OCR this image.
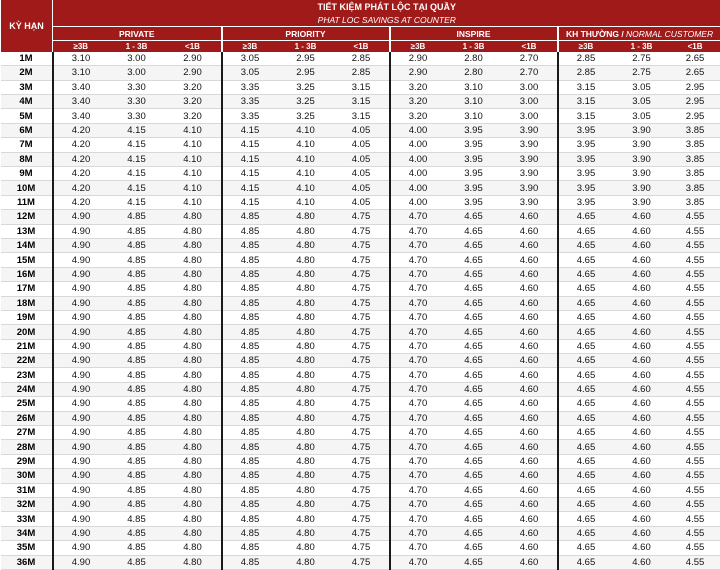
KỲ HẠN	TIẾT KIỆM PHÁT LỘC TẠI QUẦY											
	PHAT LOC SAVINGS AT COUNTER											
	PRIVATE			PRIORITY			INSPIRE			KH THƯỜNG / NORMAL CUSTOMER		
	≥3B	1 - 3B	<1B	≥3B	1 - 3B	<1B	≥3B	1 - 3B	<1B	≥3B	1 - 3B	<1B
1M	3.10	3.00	2.90	3.05	2.95	2.85	2.90	2.80	2.70	2.85	2.75	2.65
2M	3.10	3.00	2.90	3.05	2.95	2.85	2.90	2.80	2.70	2.85	2.75	2.65
3M	3.40	3.30	3.20	3.35	3.25	3.15	3.20	3.10	3.00	3.15	3.05	2.95
4M	3.40	3.30	3.20	3.35	3.25	3.15	3.20	3.10	3.00	3.15	3.05	2.95
5M	3.40	3.30	3.20	3.35	3.25	3.15	3.20	3.10	3.00	3.15	3.05	2.95
6M	4.20	4.15	4.10	4.15	4.10	4.05	4.00	3.95	3.90	3.95	3.90	3.85
7M	4.20	4.15	4.10	4.15	4.10	4.05	4.00	3.95	3.90	3.95	3.90	3.85
8M	4.20	4.15	4.10	4.15	4.10	4.05	4.00	3.95	3.90	3.95	3.90	3.85
9M	4.20	4.15	4.10	4.15	4.10	4.05	4.00	3.95	3.90	3.95	3.90	3.85
10M	4.20	4.15	4.10	4.15	4.10	4.05	4.00	3.95	3.90	3.95	3.90	3.85
11M	4.20	4.15	4.10	4.15	4.10	4.05	4.00	3.95	3.90	3.95	3.90	3.85
12M	4.90	4.85	4.80	4.85	4.80	4.75	4.70	4.65	4.60	4.65	4.60	4.55
13M	4.90	4.85	4.80	4.85	4.80	4.75	4.70	4.65	4.60	4.65	4.60	4.55
14M	4.90	4.85	4.80	4.85	4.80	4.75	4.70	4.65	4.60	4.65	4.60	4.55
15M	4.90	4.85	4.80	4.85	4.80	4.75	4.70	4.65	4.60	4.65	4.60	4.55
16M	4.90	4.85	4.80	4.85	4.80	4.75	4.70	4.65	4.60	4.65	4.60	4.55
17M	4.90	4.85	4.80	4.85	4.80	4.75	4.70	4.65	4.60	4.65	4.60	4.55
18M	4.90	4.85	4.80	4.85	4.80	4.75	4.70	4.65	4.60	4.65	4.60	4.55
19M	4.90	4.85	4.80	4.85	4.80	4.75	4.70	4.65	4.60	4.65	4.60	4.55
20M	4.90	4.85	4.80	4.85	4.80	4.75	4.70	4.65	4.60	4.65	4.60	4.55
21M	4.90	4.85	4.80	4.85	4.80	4.75	4.70	4.65	4.60	4.65	4.60	4.55
22M	4.90	4.85	4.80	4.85	4.80	4.75	4.70	4.65	4.60	4.65	4.60	4.55
23M	4.90	4.85	4.80	4.85	4.80	4.75	4.70	4.65	4.60	4.65	4.60	4.55
24M	4.90	4.85	4.80	4.85	4.80	4.75	4.70	4.65	4.60	4.65	4.60	4.55
25M	4.90	4.85	4.80	4.85	4.80	4.75	4.70	4.65	4.60	4.65	4.60	4.55
26M	4.90	4.85	4.80	4.85	4.80	4.75	4.70	4.65	4.60	4.65	4.60	4.55
27M	4.90	4.85	4.80	4.85	4.80	4.75	4.70	4.65	4.60	4.65	4.60	4.55
28M	4.90	4.85	4.80	4.85	4.80	4.75	4.70	4.65	4.60	4.65	4.60	4.55
29M	4.90	4.85	4.80	4.85	4.80	4.75	4.70	4.65	4.60	4.65	4.60	4.55
30M	4.90	4.85	4.80	4.85	4.80	4.75	4.70	4.65	4.60	4.65	4.60	4.55
31M	4.90	4.85	4.80	4.85	4.80	4.75	4.70	4.65	4.60	4.65	4.60	4.55
32M	4.90	4.85	4.80	4.85	4.80	4.75	4.70	4.65	4.60	4.65	4.60	4.55
33M	4.90	4.85	4.80	4.85	4.80	4.75	4.70	4.65	4.60	4.65	4.60	4.55
34M	4.90	4.85	4.80	4.85	4.80	4.75	4.70	4.65	4.60	4.65	4.60	4.55
35M	4.90	4.85	4.80	4.85	4.80	4.75	4.70	4.65	4.60	4.65	4.60	4.55
36M	4.90	4.85	4.80	4.85	4.80	4.75	4.70	4.65	4.60	4.65	4.60	4.55
